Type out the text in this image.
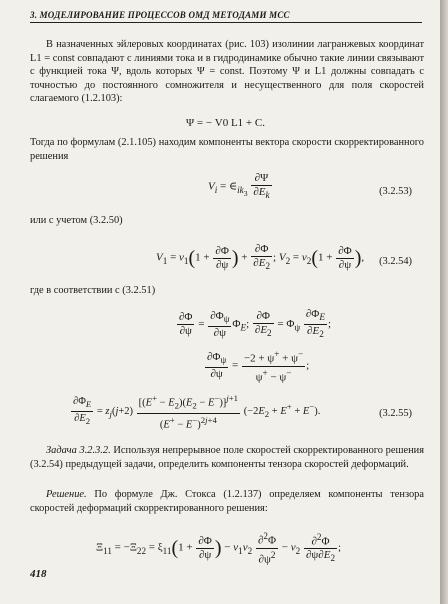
3. МОДЕЛИРОВАНИЕ ПРОЦЕССОВ ОМД МЕТОДАМИ МСС
В назначенных эйлеровых координатах (рис. 103) изолинии лагранжевых координат L1 = const совпадают с линиями тока и в гидродинамике обычно такие линии связывают с функцией тока Ψ, вдоль которых Ψ = const. Поэтому Ψ и L1 должны совпадать с точностью до постоянного сомножителя и несущественного для поля скоростей слагаемого (1.2.103):
Ψ = − V0 L1 + C.
Тогда по формулам (2.1.105) находим компоненты вектора скорости скорректированного решения
$V_i$ = $\in_{ik_3} \frac{\partial\Psi}{\partial E_k}$	(3.2.53)
или с учетом (3.2.50)
$V_1 = v_1(1 + \frac{\partial\Phi}{\partial\psi}$ ) + $\frac{\partial\Phi}{\partial E_2}$ ; $V_2 = v_2(1 + \frac{\partial\Phi}{\partial\psi}$ ), (3.2.54)
где в соответствии с (3.2.51)
$\frac{\partial\Phi}{\partial\psi} = \frac{\partial\Phi_\psi}{\partial\psi} \Phi_E$; $\frac{\partial\Phi}{\partial E_2} = \Phi_\psi \frac{\partial\Phi_E}{\partial E_2}$ ;
$\frac{\partial\Phi_\psi}{\partial\psi} = \frac{-2 + \psi^+ + \psi^-}{\psi^+ - \psi^-}$ ;
$\frac{\partial\Phi_E}{\partial E_2} = z_j(j+2) \frac{[(E^+ - E_2)(E_2 - E^-)]^{j+1}}{(E^+ - E^-)^{2j+4}} (-2E_2 + E^+ + E^-)$.	(3.2.55)
Задача 3.2.3.2. Используя непрерывное поле скоростей скорректированного решения (3.2.54) предыдущей задачи, определить компоненты тензора скоростей деформаций.
Решение. По формуле Дж. Стокса (1.2.137) определяем компоненты тензора скоростей деформаций скорректированного решения:
$\Xi_{11} = -\Xi_{22} = \xi_{11}(1 + \frac{\partial\Phi}{\partial\psi}$ ) − $v_1v_2 \frac{\partial^2\Phi}{\partial\psi^2} - v_2 \frac{\partial^2\Phi}{\partial\psi\partial E_2}$ ;
418
